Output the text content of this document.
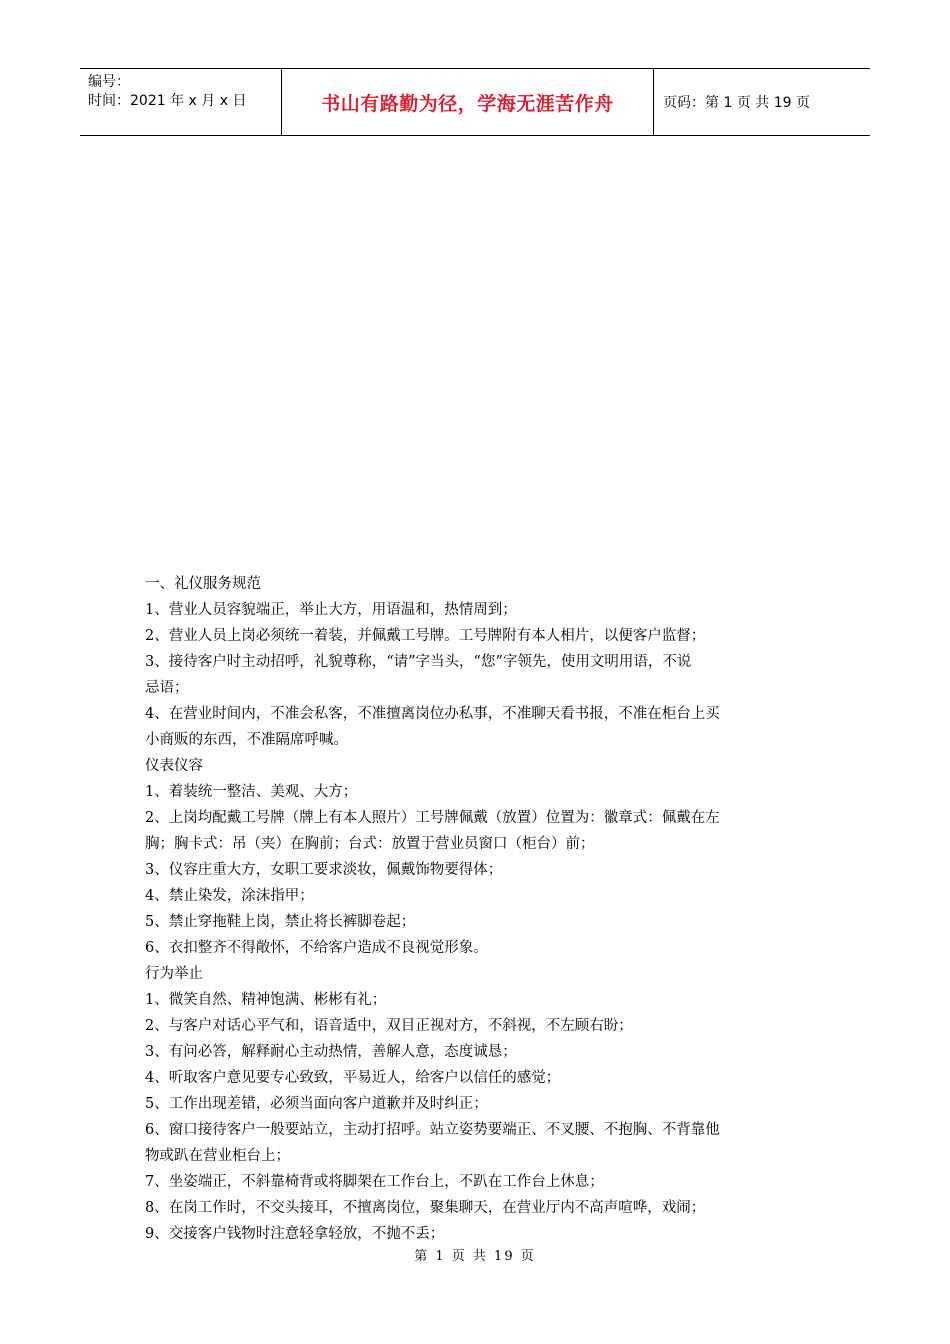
编号：
时间：2021 年 x 月 x 日	书山有路勤为径，学海无涯苦作舟	页码：第 1 页 共 19 页

一、礼仪服务规范

1、营业人员容貌端正，举止大方，用语温和，热情周到；

2、营业人员上岗必须统一着装，并佩戴工号牌。工号牌附有本人相片，以便客户监督；

3、接待客户时主动招呼，礼貌尊称，“请”字当头，“您”字领先，使用文明用语，不说

忌语；

4、在营业时间内，不准会私客，不准擅离岗位办私事，不准聊天看书报，不准在柜台上买

小商贩的东西，不准隔席呼喊。

仪表仪容

1、着装统一整洁、美观、大方；

2、上岗均配戴工号牌（牌上有本人照片）工号牌佩戴（放置）位置为：徽章式：佩戴在左

胸；胸卡式：吊（夹）在胸前；台式：放置于营业员窗口（柜台）前；

3、仪容庄重大方，女职工要求淡妆，佩戴饰物要得体；

4、禁止染发，涂沫指甲；

5、禁止穿拖鞋上岗，禁止将长裤脚卷起；

6、衣扣整齐不得敞怀，不给客户造成不良视觉形象。

行为举止

1、微笑自然、精神饱满、彬彬有礼；

2、与客户对话心平气和，语音适中，双目正视对方，不斜视，不左顾右盼；

3、有问必答，解释耐心主动热情，善解人意，态度诚恳；

4、听取客户意见要专心致致，平易近人，给客户以信任的感觉；

5、工作出现差错，必须当面向客户道歉并及时纠正；

6、窗口接待客户一般要站立，主动打招呼。站立姿势要端正、不叉腰、不抱胸、不背靠他

物或趴在营业柜台上；

7、坐姿端正，不斜靠椅背或将脚架在工作台上，不趴在工作台上休息；

8、在岗工作时，不交头接耳，不擅离岗位，聚集聊天，在营业厅内不高声喧哗，戏闹；

9、交接客户钱物时注意轻拿轻放，不抛不丢；

第 1 页 共 19 页
